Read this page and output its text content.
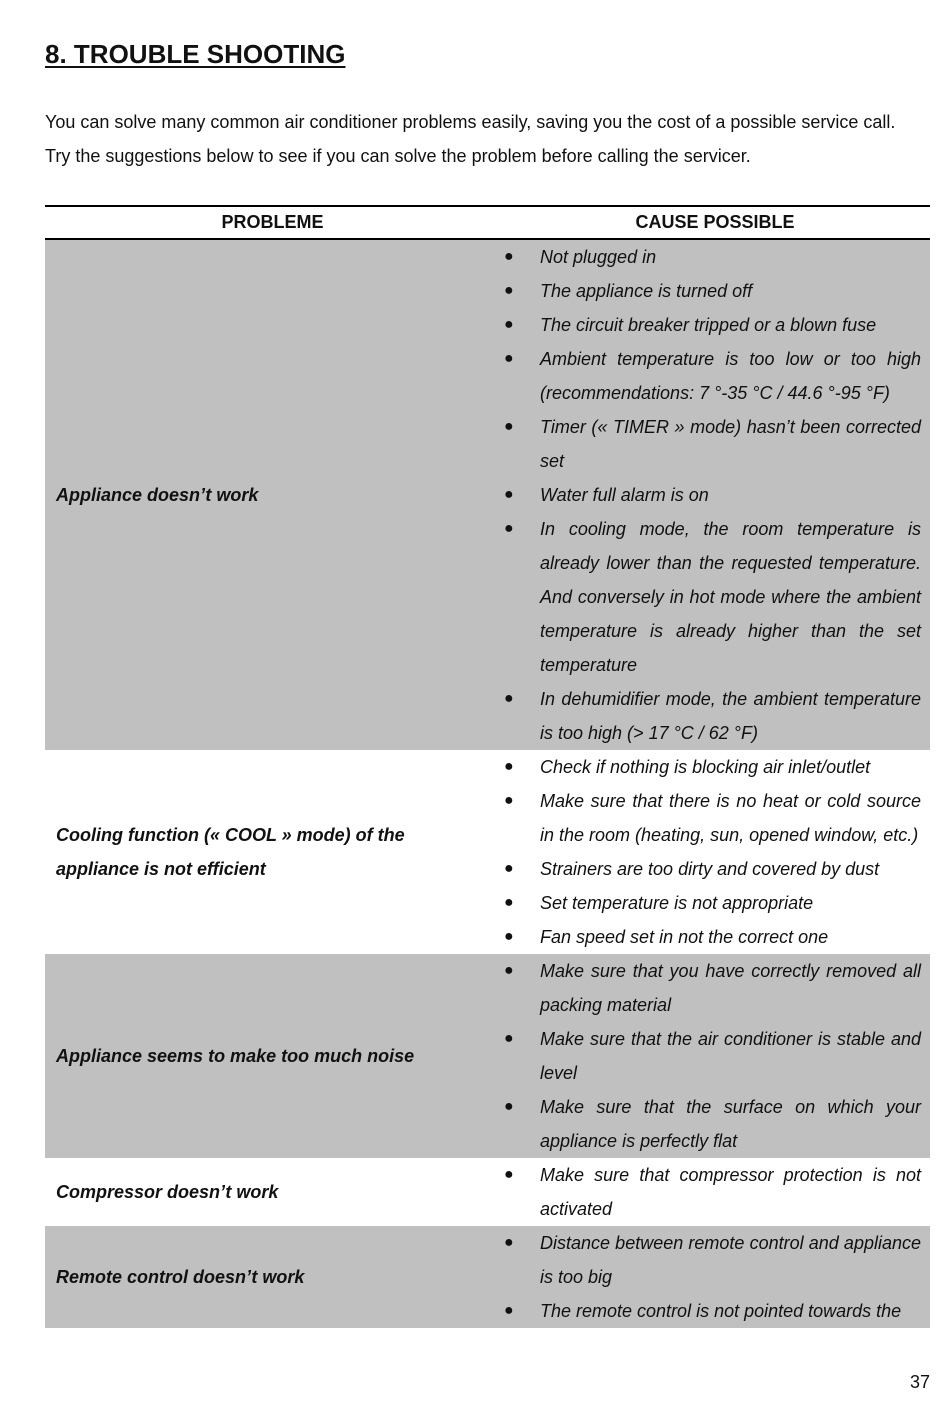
8. TROUBLE SHOOTING

You can solve many common air conditioner problems easily, saving you the cost of a possible service call.

Try the suggestions below to see if you can solve the problem before calling the servicer.

PROBLEME	CAUSE POSSIBLE
Appliance doesn’t work
● Not plugged in
● The appliance is turned off
● The circuit breaker tripped or a blown fuse
● Ambient temperature is too low or too high (recommendations: 7 °-35 °C / 44.6 °-95 °F)
● Timer (« TIMER » mode) hasn’t been corrected set
● Water full alarm is on
● In cooling mode, the room temperature is already lower than the requested temperature. And conversely in hot mode where the ambient temperature is already higher than the set temperature
● In dehumidifier mode, the ambient temperature is too high (> 17 °C / 62 °F)
Cooling function (« COOL » mode) of the appliance is not efficient
● Check if nothing is blocking air inlet/outlet
● Make sure that there is no heat or cold source in the room (heating, sun, opened window, etc.)
● Strainers are too dirty and covered by dust
● Set temperature is not appropriate
● Fan speed set in not the correct one
Appliance seems to make too much noise
● Make sure that you have correctly removed all packing material
● Make sure that the air conditioner is stable and level
● Make sure that the surface on which your appliance is perfectly flat
Compressor doesn’t work
● Make sure that compressor protection is not activated
Remote control doesn’t work
● Distance between remote control and appliance is too big
● The remote control is not pointed towards the
37
